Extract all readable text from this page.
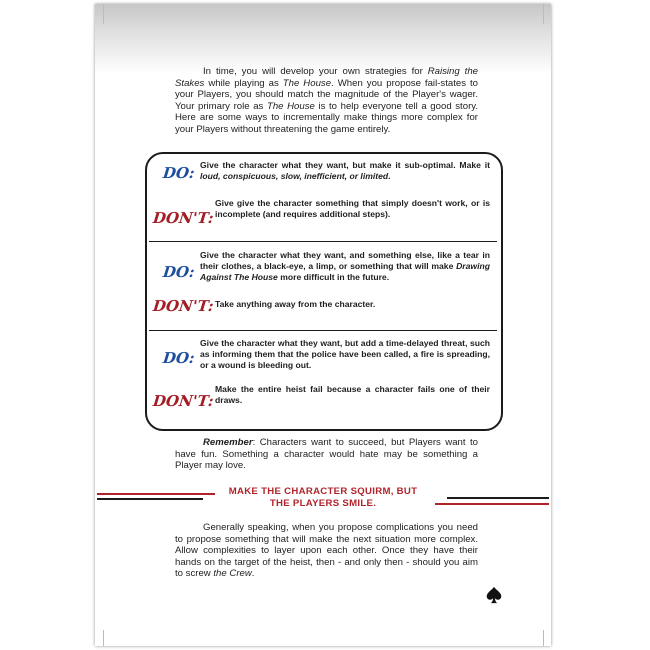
In time, you will develop your own strategies for Raising the Stakes while playing as The House. When you propose fail-states to your Players, you should match the magnitude of the Player's wager. Your primary role as The House is to help everyone tell a good story. Here are some ways to incrementally make things more complex for your Players without threatening the game entirely.

DO: Give the character what they want, but make it sub-optimal. Make it loud, conspicuous, slow, inefficient, or limited.
DON'T:
Give give the character something that simply doesn't work, or is incomplete (and requires additional steps).
DO:
Give the character what they want, and something else, like a tear in their clothes, a black-eye, a limp, or something that will make Drawing Against The House more difficult in the future.
DON'T: Take anything away from the character.
DO:
Give the character what they want, but add a time-delayed threat, such as informing them that the police have been called, a fire is spreading, or a wound is bleeding out.
DON'T:
Make the entire heist fail because a character fails one of their draws.

Remember: Characters want to succeed, but Players want to have fun. Something a character would hate may be something a Player may love.

MAKE THE CHARACTER SQUIRM, BUT
THE PLAYERS SMILE.

Generally speaking, when you propose complications you need to propose something that will make the next situation more complex. Allow complexities to layer upon each other. Once they have their hands on the target of the heist, then - and only then - should you aim to screw the Crew.
